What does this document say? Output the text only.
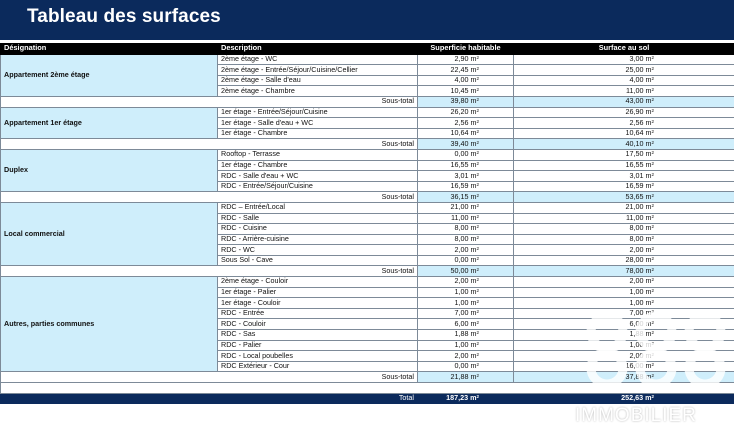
Tableau des surfaces
Désignation	Description	Superficie habitable	Surface au sol
Appartement 2ème étage	2ème étage - WC	2,90 $m^2$	3,00 $m^2$
	2ème étage - Entrée/Séjour/Cuisine/Cellier	22,45 $m^2$	25,00 $m^2$
	2ème étage - Salle d'eau	4,00 $m^2$	4,00 $m^2$
	2ème étage - Chambre	10,45 $m^2$	11,00 $m^2$
Sous-total		39,80 $m^2$	43,00 $m^2$
Appartement 1er étage	1er étage - Entrée/Séjour/Cuisine	26,20 $m^2$	26,90 $m^2$
	1er étage - Salle d'eau + WC	2,56 $m^2$	2,56 $m^2$
	1er étage - Chambre	10,64 $m^2$	10,64 $m^2$
Sous-total		39,40 $m^2$	40,10 $m^2$
Duplex	Rooftop - Terrasse	0,00 $m^2$	17,50 $m^2$
	1er étage - Chambre	16,55 $m^2$	16,55 $m^2$
	RDC - Salle d'eau + WC	3,01 $m^2$	3,01 $m^2$
	RDC - Entrée/Séjour/Cuisine	16,59 $m^2$	16,59 $m^2$
Sous-total		36,15 $m^2$	53,65 $m^2$
Local commercial	RDC – Entrée/Local	21,00 $m^2$	21,00 $m^2$
	RDC - Salle	11,00 $m^2$	11,00 $m^2$
	RDC - Cuisine	8,00 $m^2$	8,00 $m^2$
	RDC - Arrière-cuisine	8,00 $m^2$	8,00 $m^2$
	RDC - WC	2,00 $m^2$	2,00 $m^2$
	Sous Sol - Cave	0,00 $m^2$	28,00 $m^2$
Sous-total		50,00 $m^2$	78,00 $m^2$
Autres, parties communes	2ème étage - Couloir	2,00 $m^2$	2,00 $m^2$
	1er étage - Palier	1,00 $m^2$	1,00 $m^2$
	1er étage - Couloir	1,00 $m^2$	1,00 $m^2$
	RDC - Entrée	7,00 $m^2$	7,00 $m^2$
	RDC - Couloir	6,00 $m^2$	6,00 $m^2$
	RDC - Sas	1,88 $m^2$	1,88 $m^2$
	RDC - Palier	1,00 $m^2$	1,00 $m^2$
	RDC - Local poubelles	2,00 $m^2$	2,00 $m^2$
	RDC Extérieur - Cour	0,00 $m^2$	16,00 $m^2$
Sous-total		21,88 $m^2$	37,88 $m^2$

Total		187,23 $m^2$	252,63 $m^2$
IMMOBILIER
